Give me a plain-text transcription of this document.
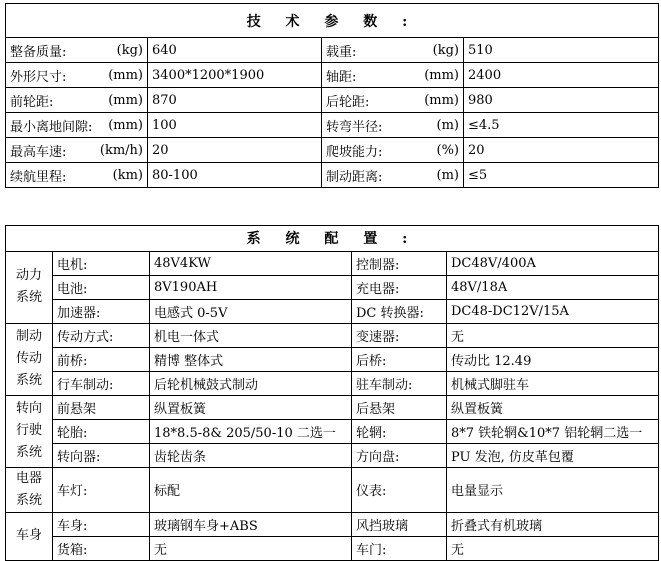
技 术 参 数 :			

整备质量: (kg)	640	载重: (kg)	510

外形尺寸: (mm)	3400*1200*1900	轴距: (mm)	2400

前轮距: (mm)	870	后轮距: (mm)	980

最小离地间隙: (mm)	100	转弯半径: (m)	≤4.5

最高车速: (km/h)	20	爬坡能力: (%)	20

续航里程: (km)	80-100	制动距离: (m)	≤5

系 统 配 置 :				

动力
系统	电机:	48V4KW	控制器:	DC48V/400A
	电池:	8V190AH	充电器:	48V/18A
	加速器:	电感式 0-5V	DC 转换器:	DC48-DC12V/15A

制动
传动
系统	传动方式:	机电一体式	变速器:	无
	前桥:	精博 整体式	后桥:	传动比 12.49
	行车制动:	后轮机械鼓式制动	驻车制动:	机械式脚驻车

转向
行驶
系统	前悬架	纵置板簧	后悬架	纵置板簧
	轮胎:	18*8.5-8& 205/50-10 二选一	轮辋:	8*7 铁轮辋&10*7 铝轮辋二选一
	转向器:	齿轮齿条	方向盘:	PU 发泡, 仿皮革包覆

电器
系统	车灯:	标配	仪表:	电量显示

车身	车身:	玻璃钢车身+ABS	风挡玻璃	折叠式有机玻璃
	货箱:	无	车门:	无
